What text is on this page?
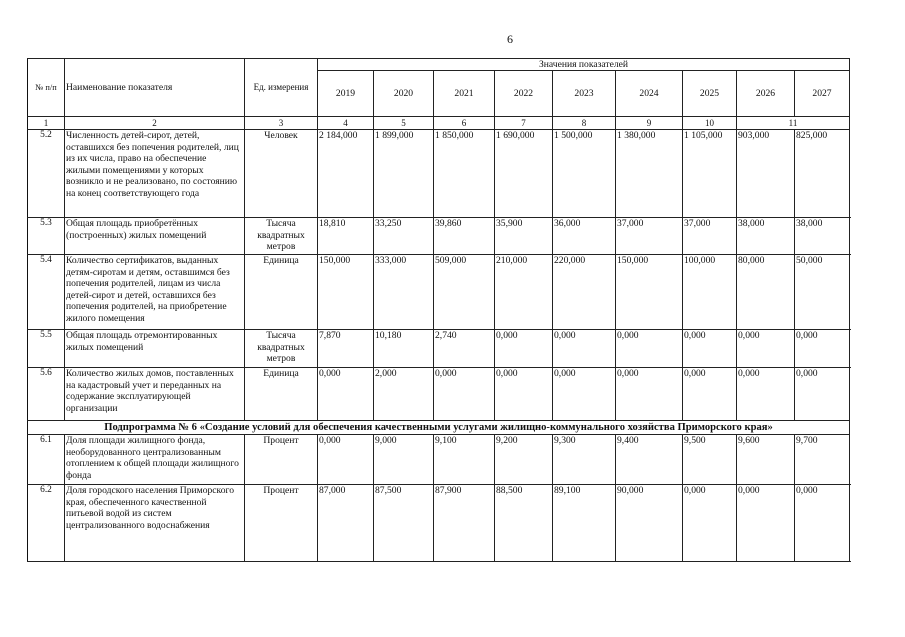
6
№ п/п	Наименование показателя	Ед. измерения	Значения показателей								
			2019	2020	2021	2022	2023	2024	2025	2026	2027
1	2	3	4	5	6	7	8	9	10	11	
5.2	Численность детей-сирот, детей, оставшихся без попечения родителей, лиц из их числа, право на обеспечение жилыми помещениями у которых возникло и не реализовано, по состоянию на конец соответствующего года	Человек	2 184,000	1 899,000	1 850,000	1 690,000	1 500,000	1 380,000	1 105,000	903,000	825,000
5.3	Общая площадь приобретённых (построенных) жилых помещений	Тысяча квадратных метров	18,810	33,250	39,860	35,900	36,000	37,000	37,000	38,000	38,000
5.4	Количество сертификатов, выданных детям-сиротам и детям, оставшимся без попечения родителей, лицам из числа детей-сирот и детей, оставшихся без попечения родителей, на приобретение жилого помещения	Единица	150,000	333,000	509,000	210,000	220,000	150,000	100,000	80,000	50,000
5.5	Общая площадь отремонтированных жилых помещений	Тысяча квадратных метров	7,870	10,180	2,740	0,000	0,000	0,000	0,000	0,000	0,000
5.6	Количество жилых домов, поставленных на кадастровый учет и переданных на содержание эксплуатирующей организации	Единица	0,000	2,000	0,000	0,000	0,000	0,000	0,000	0,000	0,000
Подпрограмма № 6 «Создание условий для обеспечения качественными услугами жилищно-коммунального хозяйства Приморского края»											
6.1	Доля площади жилищного фонда, необорудованного централизованным отоплением к общей площади жилищного фонда	Процент	0,000	9,000	9,100	9,200	9,300	9,400	9,500	9,600	9,700
6.2	Доля городского населения Приморского края, обеспеченного качественной питьевой водой из систем централизованного водоснабжения	Процент	87,000	87,500	87,900	88,500	89,100	90,000	0,000	0,000	0,000
